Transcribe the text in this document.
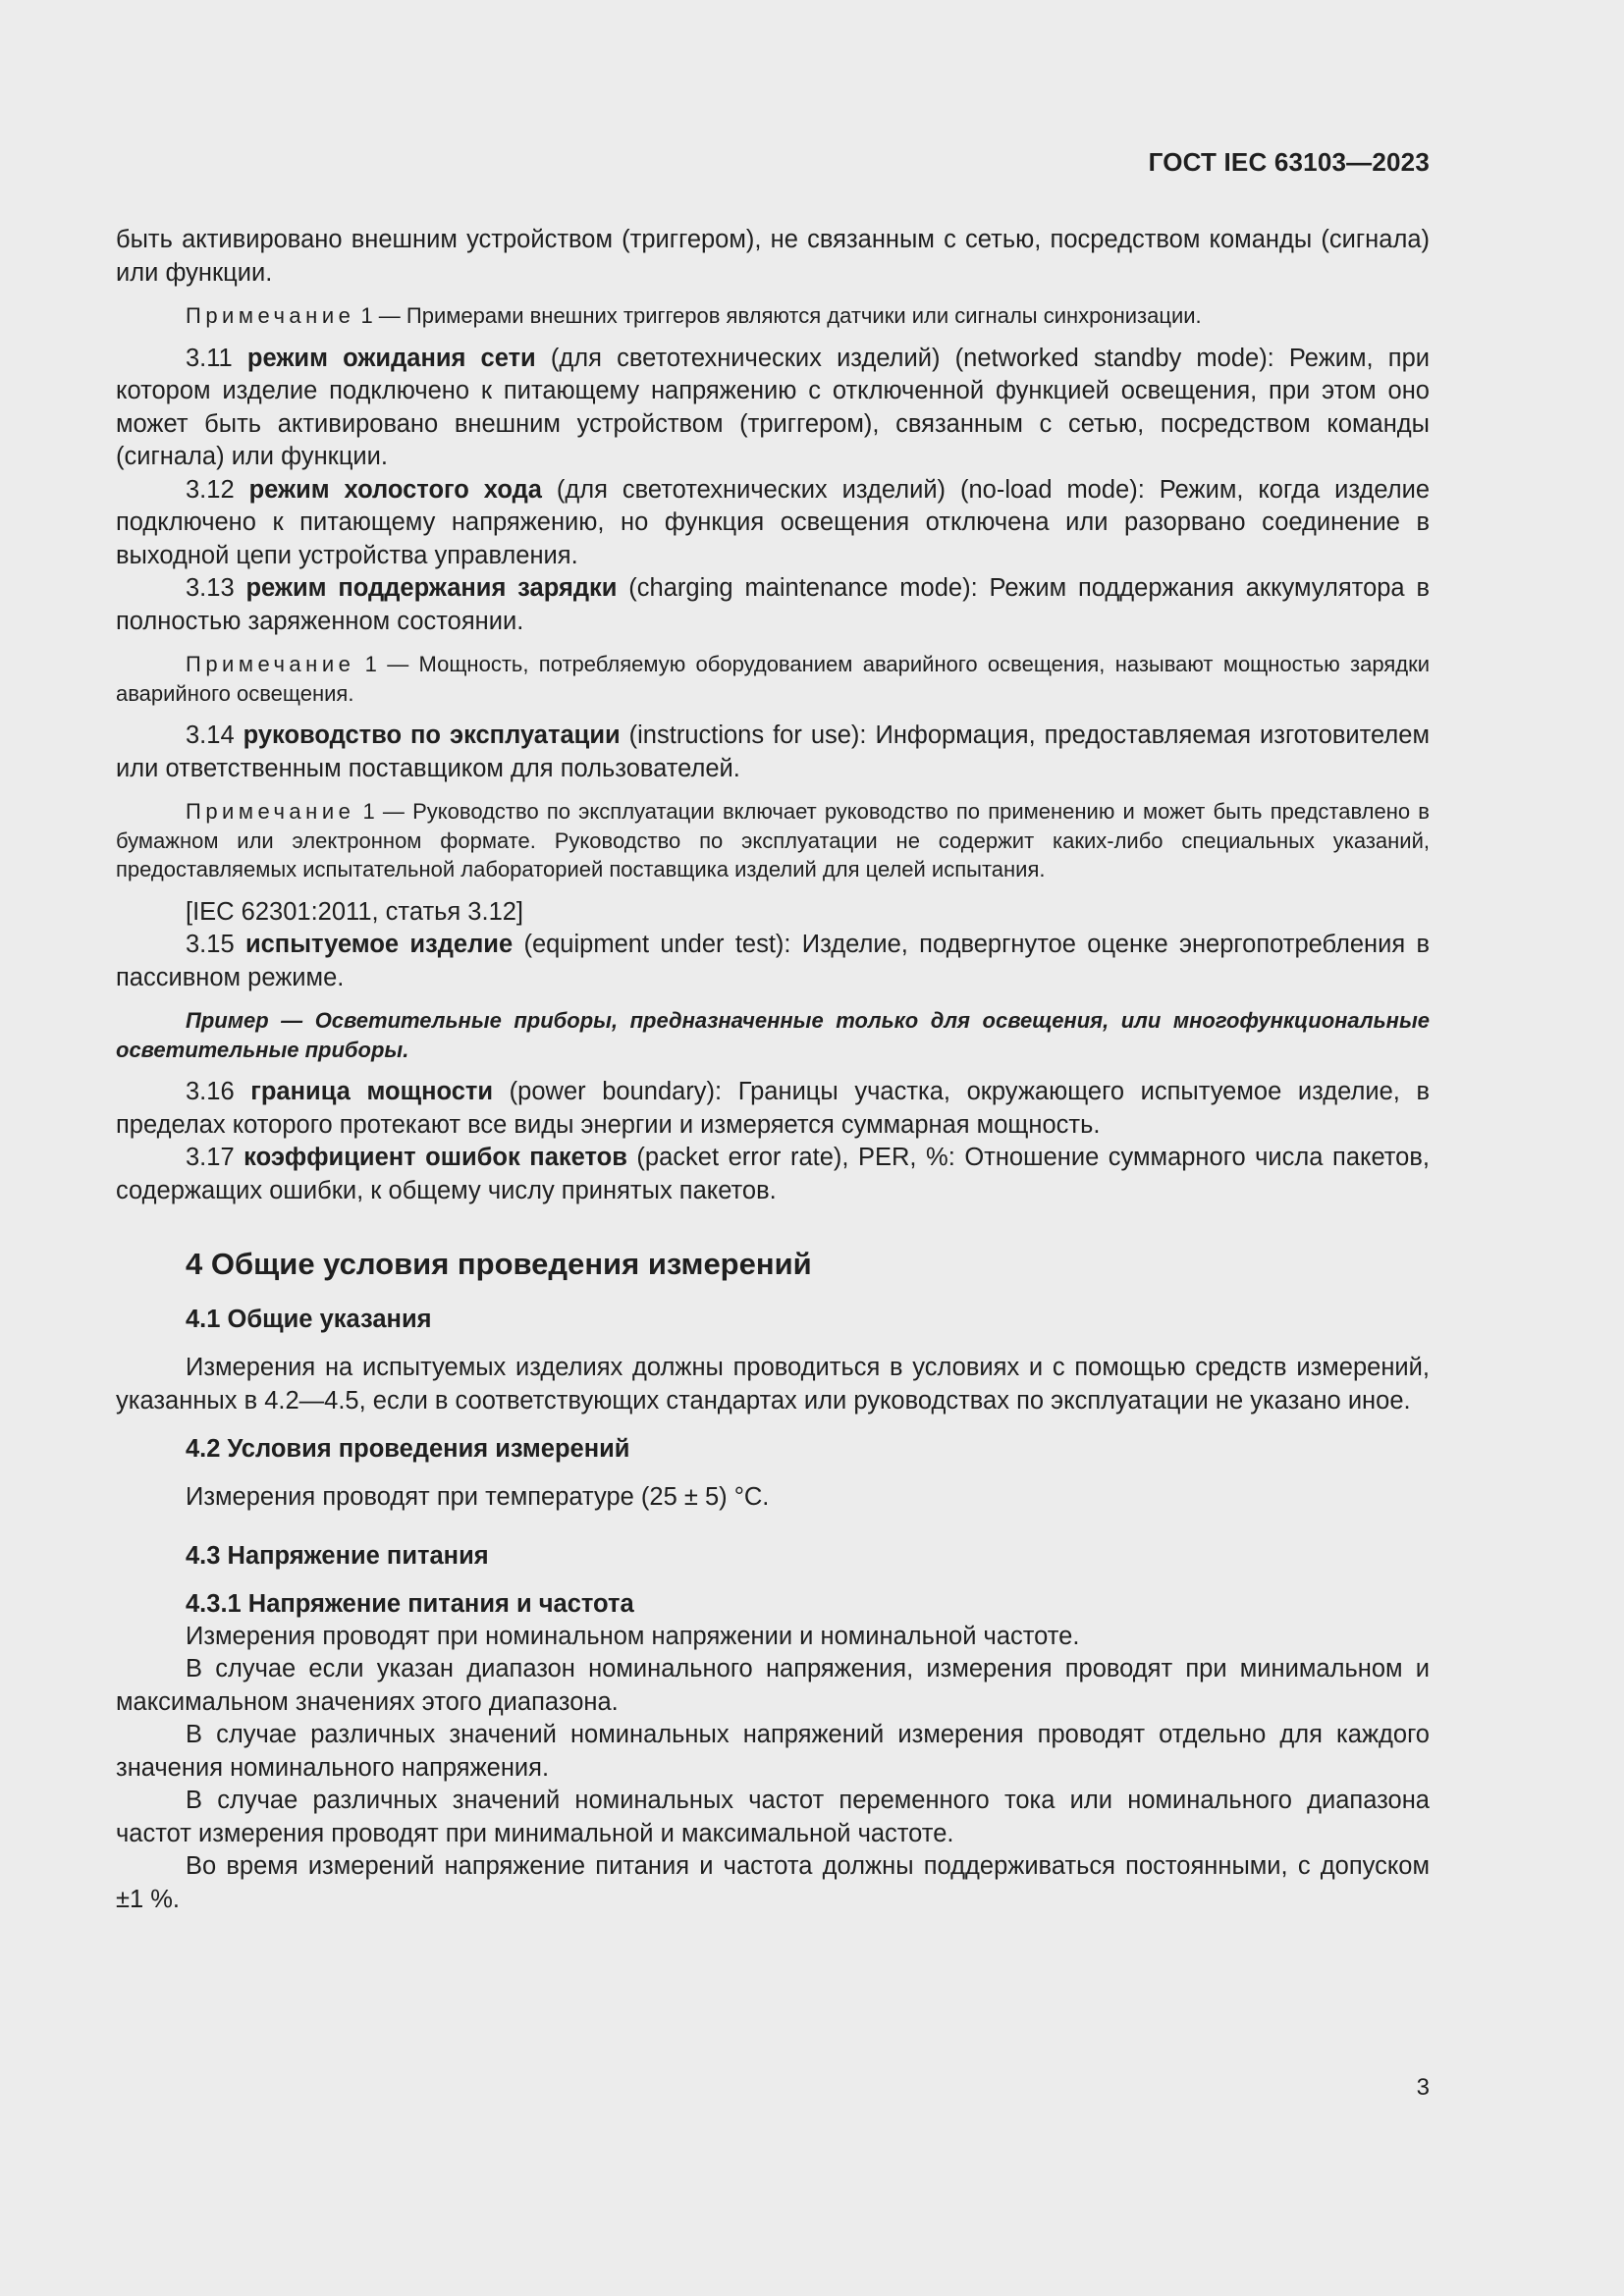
ГОСТ IEC 63103—2023

быть активировано внешним устройством (триггером), не связанным с сетью, посредством команды (сигнала) или функции.

Примечание 1 — Примерами внешних триггеров являются датчики или сигналы синхронизации.

3.11 режим ожидания сети (для светотехнических изделий) (networked standby mode): Режим, при котором изделие подключено к питающему напряжению с отключенной функцией освещения, при этом оно может быть активировано внешним устройством (триггером), связанным с сетью, посредством команды (сигнала) или функции.

3.12 режим холостого хода (для светотехнических изделий) (no-load mode): Режим, когда изделие подключено к питающему напряжению, но функция освещения отключена или разорвано соединение в выходной цепи устройства управления.

3.13 режим поддержания зарядки (charging maintenance mode): Режим поддержания аккумулятора в полностью заряженном состоянии.

Примечание 1 — Мощность, потребляемую оборудованием аварийного освещения, называют мощностью зарядки аварийного освещения.

3.14 руководство по эксплуатации (instructions for use): Информация, предоставляемая изготовителем или ответственным поставщиком для пользователей.

Примечание 1 — Руководство по эксплуатации включает руководство по применению и может быть представлено в бумажном или электронном формате. Руководство по эксплуатации не содержит каких-либо специальных указаний, предоставляемых испытательной лабораторией поставщика изделий для целей испытания.

[IEC 62301:2011, статья 3.12]

3.15 испытуемое изделие (equipment under test): Изделие, подвергнутое оценке энергопотребления в пассивном режиме.

Пример — Осветительные приборы, предназначенные только для освещения, или многофункциональные осветительные приборы.

3.16 граница мощности (power boundary): Границы участка, окружающего испытуемое изделие, в пределах которого протекают все виды энергии и измеряется суммарная мощность.

3.17 коэффициент ошибок пакетов (packet error rate), PER, %: Отношение суммарного числа пакетов, содержащих ошибки, к общему числу принятых пакетов.

4 Общие условия проведения измерений
4.1 Общие указания

Измерения на испытуемых изделиях должны проводиться в условиях и с помощью средств измерений, указанных в 4.2—4.5, если в соответствующих стандартах или руководствах по эксплуатации не указано иное.

4.2 Условия проведения измерений

Измерения проводят при температуре (25 ± 5) °С.

4.3 Напряжение питания
4.3.1 Напряжение питания и частота

Измерения проводят при номинальном напряжении и номинальной частоте.

В случае если указан диапазон номинального напряжения, измерения проводят при минимальном и максимальном значениях этого диапазона.

В случае различных значений номинальных напряжений измерения проводят отдельно для каждого значения номинального напряжения.

В случае различных значений номинальных частот переменного тока или номинального диапазона частот измерения проводят при минимальной и максимальной частоте.

Во время измерений напряжение питания и частота должны поддерживаться постоянными, с допуском ±1 %.

3
